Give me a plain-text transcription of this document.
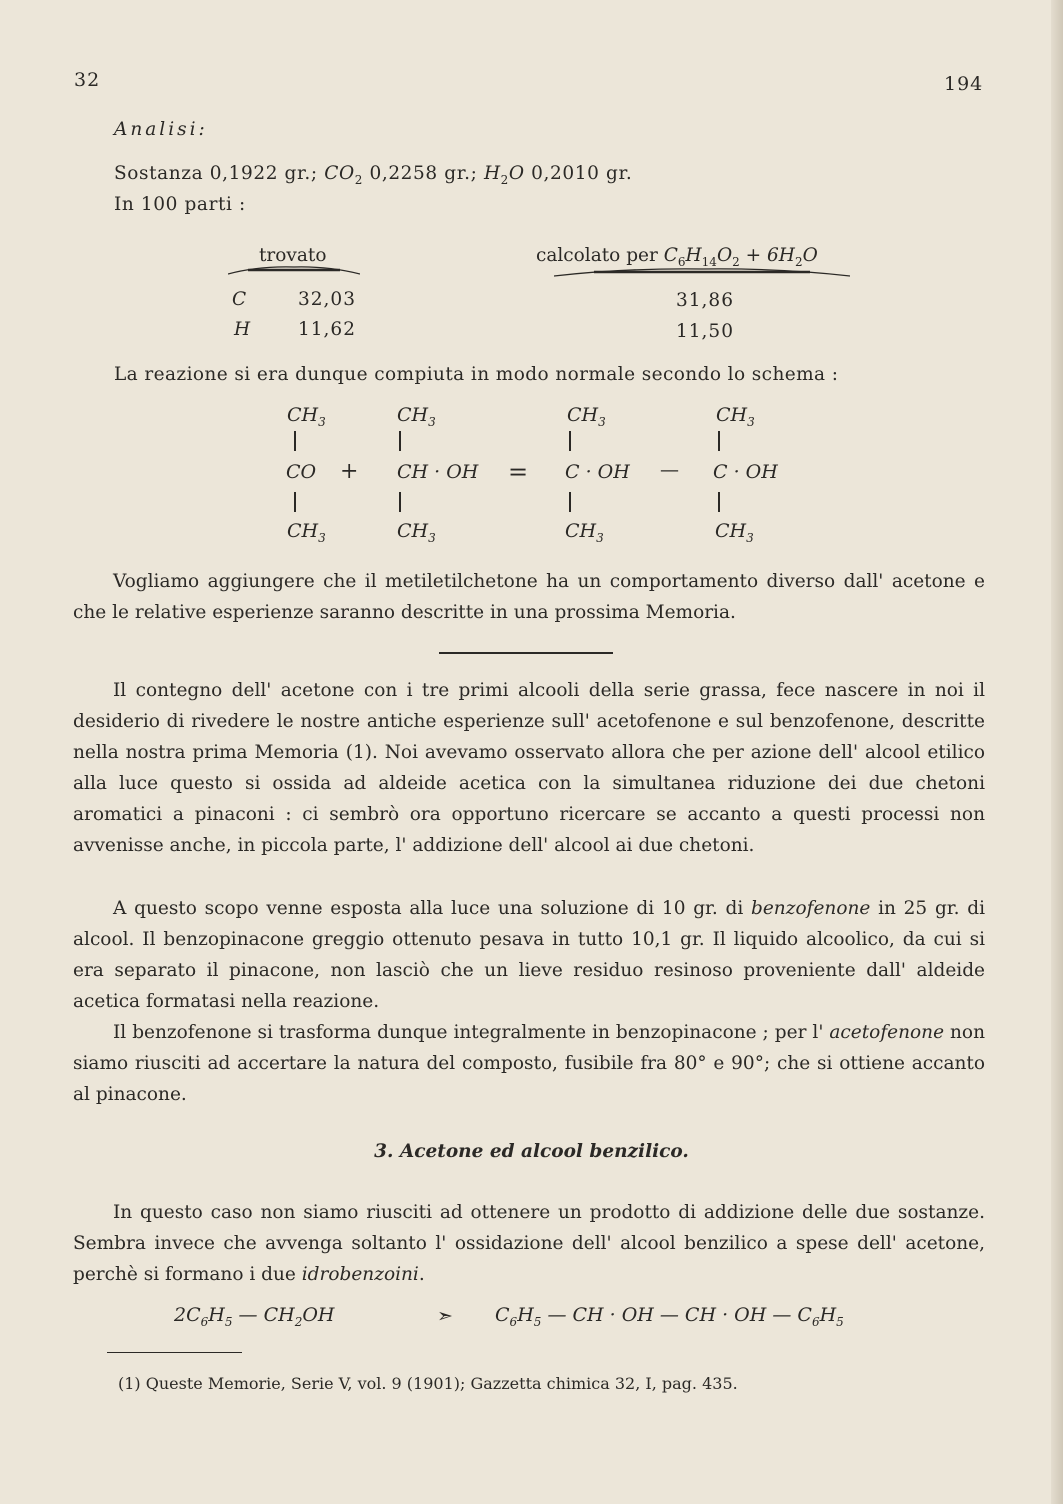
32	194
Analisi:
Sostanza 0,1922 gr.; $CO_2$ 0,2258 gr.; $H_2O$ 0,2010 gr.
In 100 parti :
trovato	calcolato per $C_6H_{14}O_2 + 6H_2O$
C	32,03	31,86
H	11,62	11,50
La reazione si era dunque compiuta in modo normale secondo lo schema :
$CH_3$	$CH_3$	$CH_3$	$CH_3$
CO + CH · OH = C · OH — C · OH
$CH_3$	$CH_3$	$CH_3$	$CH_3$
Vogliamo aggiungere che il metiletilchetone ha un comportamento diverso dall' acetone e che le relative esperienze saranno descritte in una prossima Memoria.
Il contegno dell' acetone con i tre primi alcooli della serie grassa, fece nascere in noi il desiderio di rivedere le nostre antiche esperienze sull' acetofenone e sul benzofenone, descritte nella nostra prima Memoria (1). Noi avevamo osservato allora che per azione dell' alcool etilico alla luce questo si ossida ad aldeide acetica con la simultanea riduzione dei due chetoni aromatici a pinaconi : ci sembrò ora opportuno ricercare se accanto a questi processi non avvenisse anche, in piccola parte, l' addizione dell' alcool ai due chetoni.
A questo scopo venne esposta alla luce una soluzione di 10 gr. di benzofenone in 25 gr. di alcool. Il benzopinacone greggio ottenuto pesava in tutto 10,1 gr. Il liquido alcoolico, da cui si era separato il pinacone, non lasciò che un lieve residuo resinoso proveniente dall' aldeide acetica formatasi nella reazione.
Il benzofenone si trasforma dunque integralmente in benzopinacone ; per l' acetofenone non siamo riusciti ad accertare la natura del composto, fusibile fra 80° e 90°; che si ottiene accanto al pinacone.
3. Acetone ed alcool benzilico.
In questo caso non siamo riusciti ad ottenere un prodotto di addizione delle due sostanze. Sembra invece che avvenga soltanto l' ossidazione dell' alcool benzilico a spese dell' acetone, perchè si formano i due idrobenzoini.
$2C_6H_5$ — $CH_2OH$	➣ $C_6H_5$ — CH · OH — CH · OH — $C_6H_5$
(1) Queste Memorie, Serie V, vol. 9 (1901); Gazzetta chimica 32, I, pag. 435.
